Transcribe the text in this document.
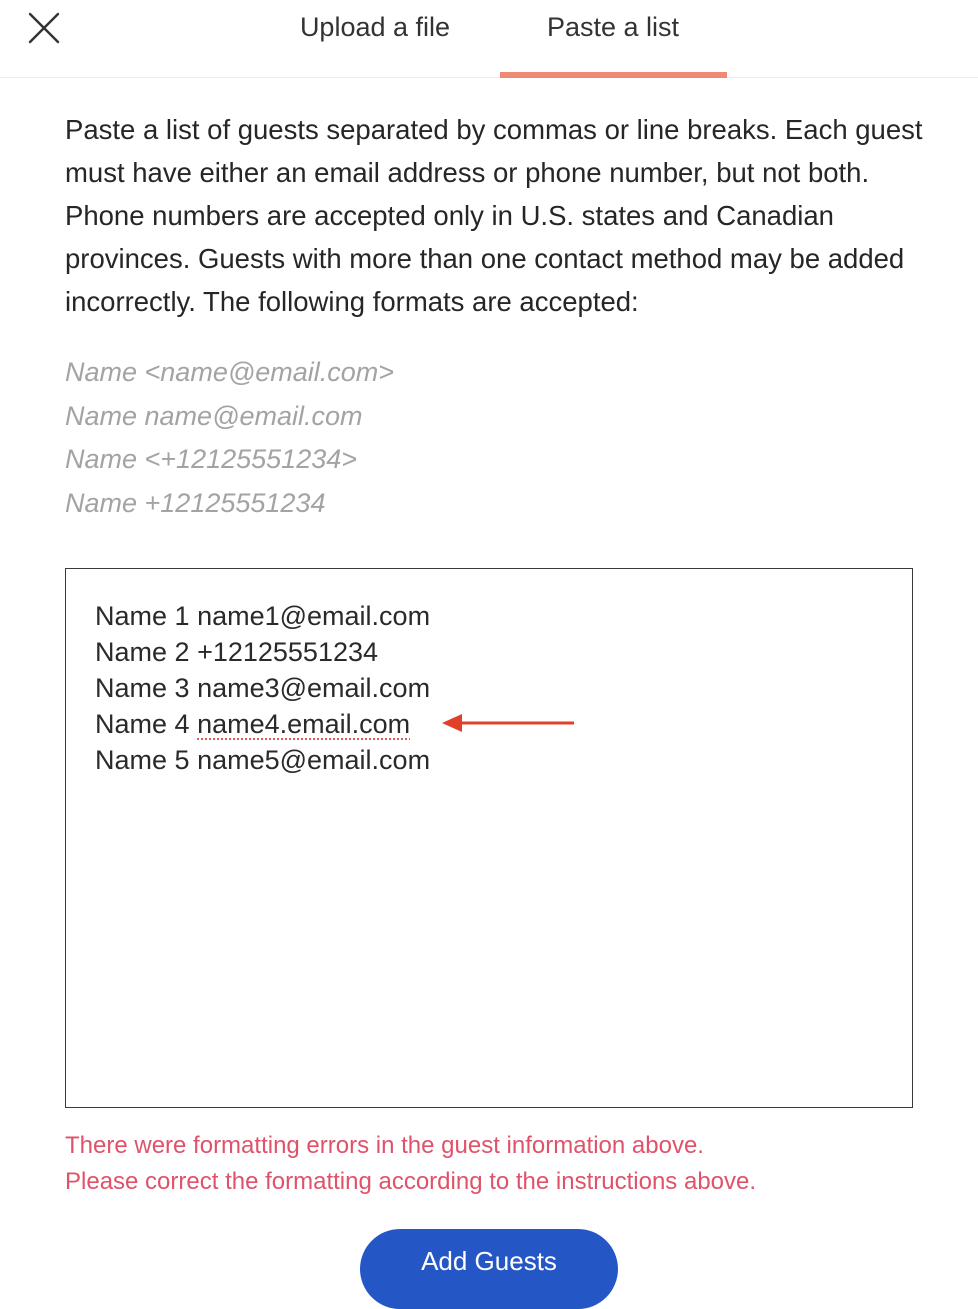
Upload a file	Paste a list

Paste a list of guests separated by commas or line breaks. Each guest must have either an email address or phone number, but not both. Phone numbers are accepted only in U.S. states and Canadian provinces. Guests with more than one contact method may be added incorrectly. The following formats are accepted:

Name <name@email.com>
Name name@email.com
Name <+12125551234>
Name +12125551234
Name 1 name1@email.com
Name 2 +12125551234
Name 3 name3@email.com
Name 4 name4.email.com
Name 5 name5@email.com
There were formatting errors in the guest information above.
Please correct the formatting according to the instructions above.
Add Guests
